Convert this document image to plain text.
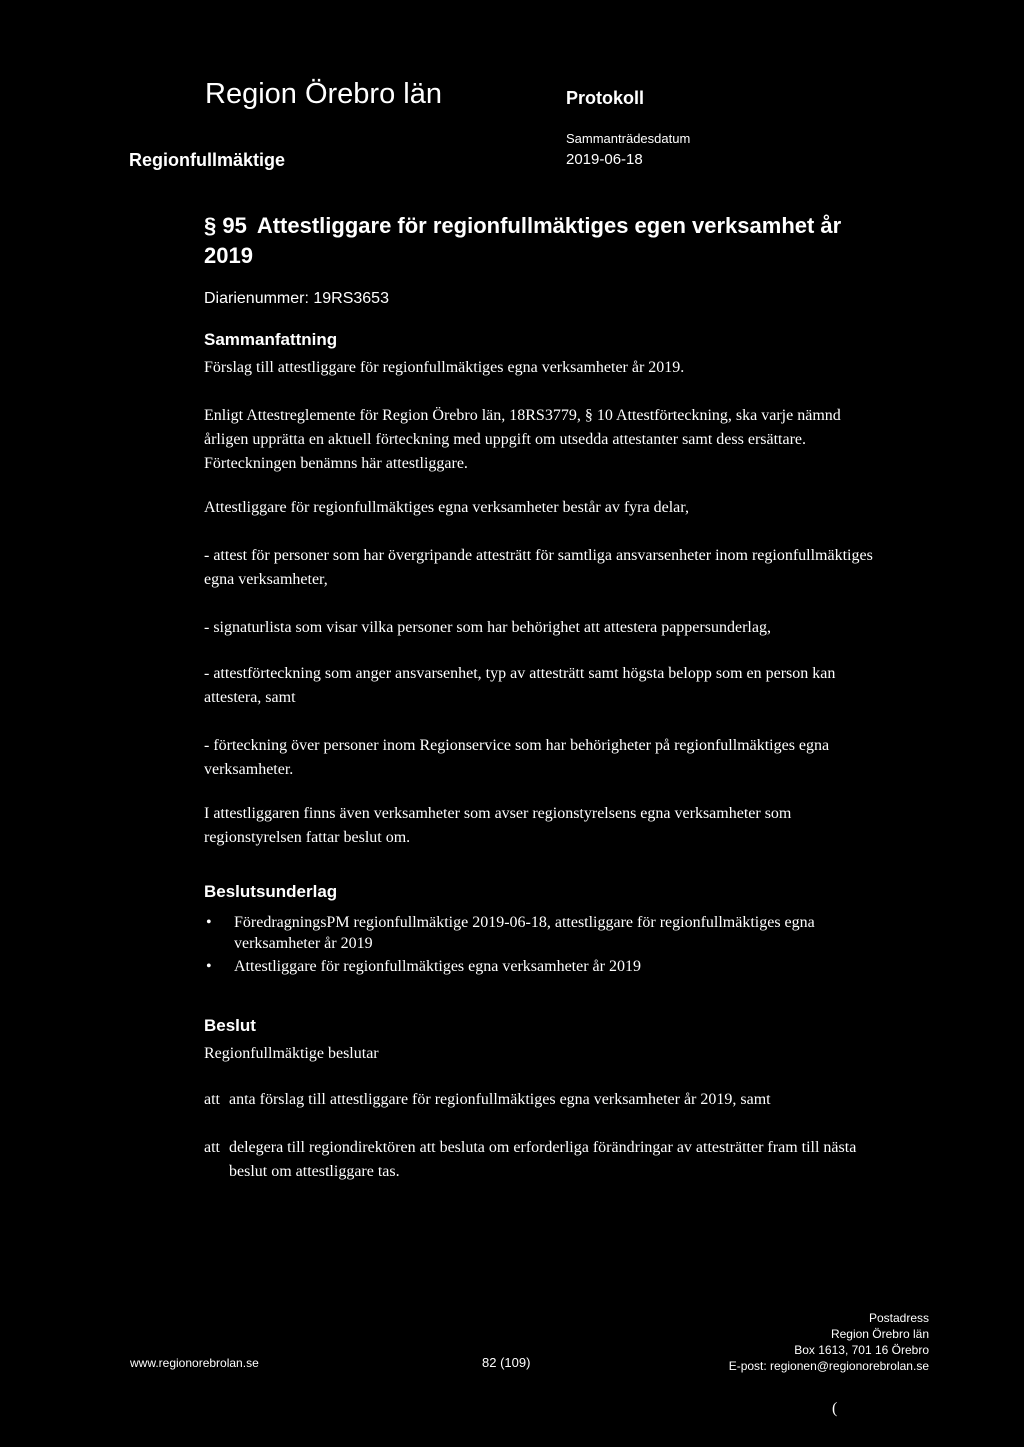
Region Örebro län	Protokoll
Regionfullmäktige
Sammanträdesdatum
2019-06-18
§ 95 Attestliggare för regionfullmäktiges egen verksamhet år 2019
Diarienummer: 19RS3653
Sammanfattning
Förslag till attestliggare för regionfullmäktiges egna verksamheter år 2019.
Enligt Attestreglemente för Region Örebro län, 18RS3779, § 10 Attestförteckning, ska varje nämnd årligen upprätta en aktuell förteckning med uppgift om utsedda attestanter samt dess ersättare. Förteckningen benämns här attestliggare.
Attestliggare för regionfullmäktiges egna verksamheter består av fyra delar,
- attest för personer som har övergripande attesträtt för samtliga ansvarsenheter inom regionfullmäktiges egna verksamheter,
- signaturlista som visar vilka personer som har behörighet att attestera pappersunderlag,
- attestförteckning som anger ansvarsenhet, typ av attesträtt samt högsta belopp som en person kan attestera, samt
- förteckning över personer inom Regionservice som har behörigheter på regionfullmäktiges egna verksamheter.
I attestliggaren finns även verksamheter som avser regionstyrelsens egna verksamheter som regionstyrelsen fattar beslut om.
Beslutsunderlag
• FöredragningsPM regionfullmäktige 2019-06-18, attestliggare för regionfullmäktiges egna verksamheter år 2019
• Attestliggare för regionfullmäktiges egna verksamheter år 2019
Beslut
Regionfullmäktige beslutar
att anta förslag till attestliggare för regionfullmäktiges egna verksamheter år 2019, samt
att delegera till regiondirektören att besluta om erforderliga förändringar av attesträtter fram till nästa beslut om attestliggare tas.
www.regionorebrolan.se	82 (109)
Postadress
Region Örebro län
Box 1613, 701 16 Örebro
E-post: regionen@regionorebrolan.se
(
